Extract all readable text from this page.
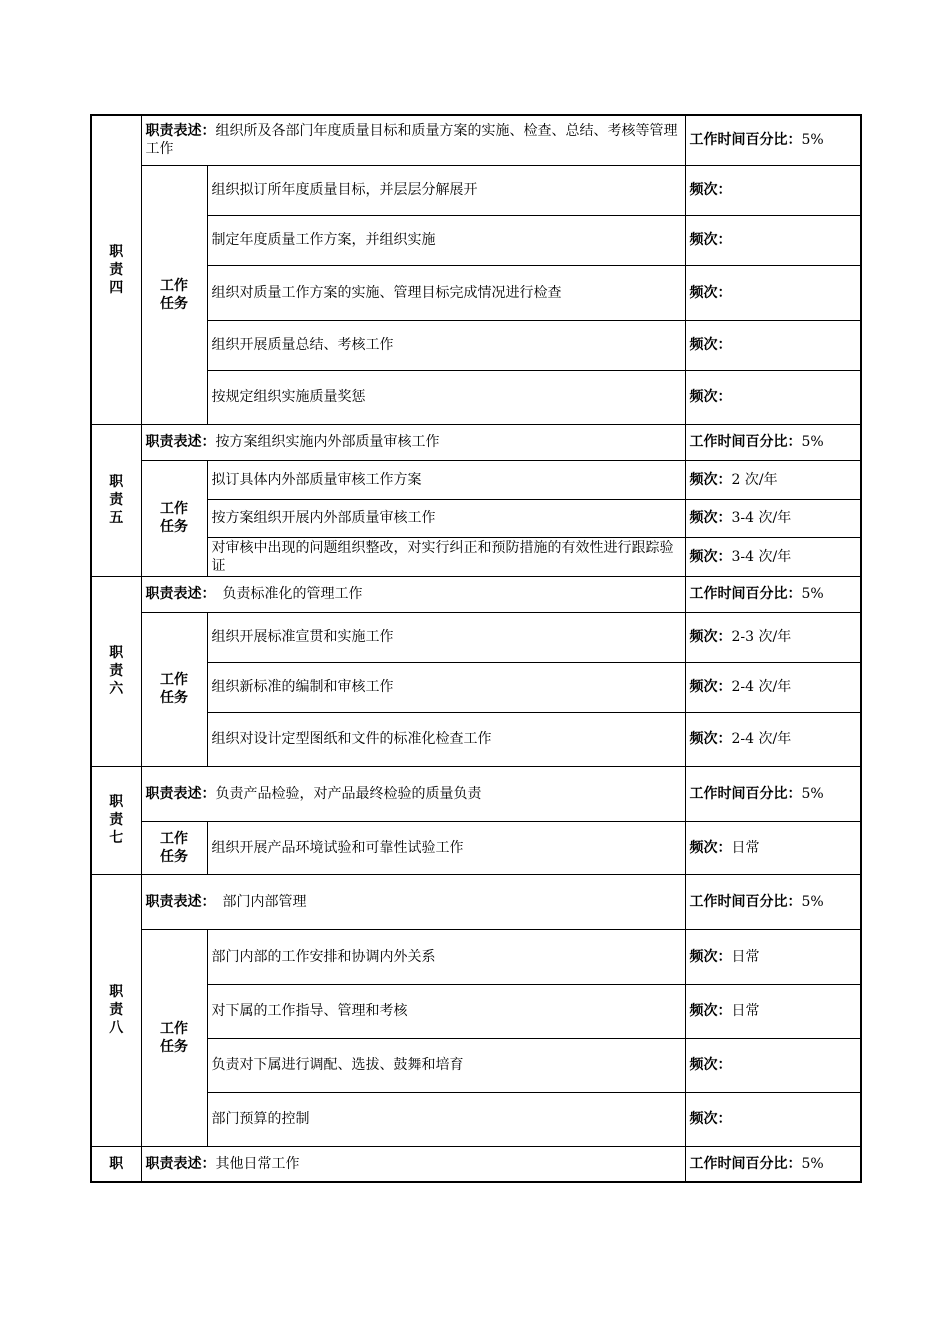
职
责
四	职责表述：组织所及各部门年度质量目标和质量方案的实施、检查、总结、考核等管理工作		工作时间百分比：5%

	工作
任务	组织拟订所年度质量目标，并层层分解展开	频次：
		制定年度质量工作方案，并组织实施	频次：
		组织对质量工作方案的实施、管理目标完成情况进行检查	频次：
		组织开展质量总结、考核工作	频次：
		按规定组织实施质量奖惩	频次：

职
责
五	职责表述：按方案组织实施内外部质量审核工作		工作时间百分比：5%

	工作
任务	拟订具体内外部质量审核工作方案	频次：2 次/年
		按方案组织开展内外部质量审核工作	频次：3-4 次/年
		对审核中出现的问题组织整改，对实行纠正和预防措施的有效性进行跟踪验证	频次：3-4 次/年

职
责
六	职责表述：　负责标准化的管理工作		工作时间百分比：5%

	工作
任务	组织开展标准宣贯和实施工作	频次：2-3 次/年
		组织新标准的编制和审核工作	频次：2-4 次/年
		组织对设计定型图纸和文件的标准化检查工作	频次：2-4 次/年

职
责
七	职责表述：负责产品检验，对产品最终检验的质量负责		工作时间百分比：5%

	工作
任务	组织开展产品环境试验和可靠性试验工作	频次：日常

职
责
八	职责表述：　部门内部管理		工作时间百分比：5%

	工作
任务	部门内部的工作安排和协调内外关系	频次：日常
		对下属的工作指导、管理和考核	频次：日常
		负责对下属进行调配、选拔、鼓舞和培育	频次：
		部门预算的控制	频次：

职	职责表述：其他日常工作		工作时间百分比：5%
